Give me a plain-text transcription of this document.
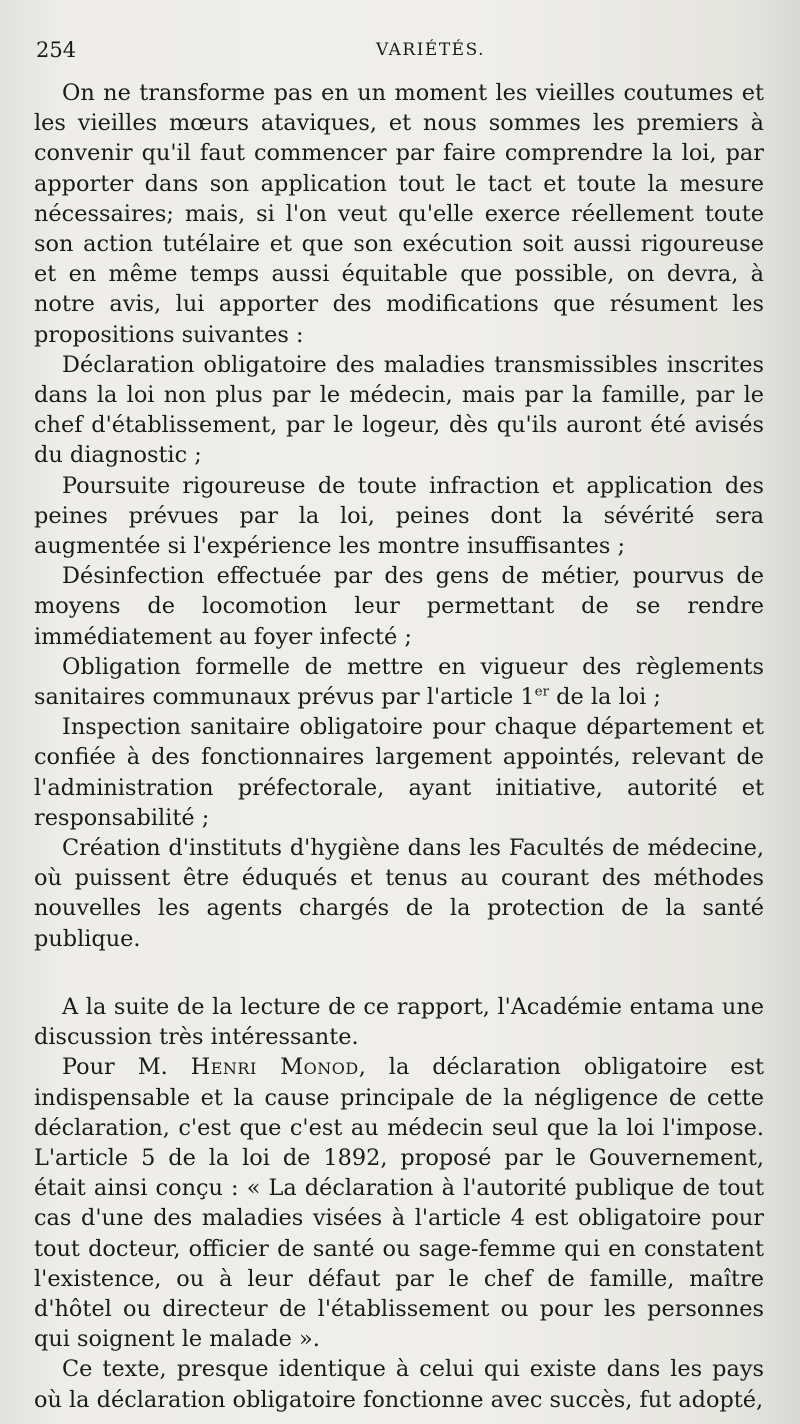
254	VARIÉTÉS.

On ne transforme pas en un moment les vieilles coutumes et les vieilles mœurs ataviques, et nous sommes les premiers à convenir qu'il faut commencer par faire comprendre la loi, par apporter dans son application tout le tact et toute la mesure nécessaires; mais, si l'on veut qu'elle exerce réellement toute son action tutélaire et que son exécution soit aussi rigoureuse et en même temps aussi équitable que possible, on devra, à notre avis, lui apporter des modifications que résument les propositions suivantes :

Déclaration obligatoire des maladies transmissibles inscrites dans la loi non plus par le médecin, mais par la famille, par le chef d'établissement, par le logeur, dès qu'ils auront été avisés du diagnostic ;

Poursuite rigoureuse de toute infraction et application des peines prévues par la loi, peines dont la sévérité sera augmentée si l'expérience les montre insuffisantes ;

Désinfection effectuée par des gens de métier, pourvus de moyens de locomotion leur permettant de se rendre immédiatement au foyer infecté ;

Obligation formelle de mettre en vigueur des règlements sanitaires communaux prévus par l'article 1er de la loi ;

Inspection sanitaire obligatoire pour chaque département et confiée à des fonctionnaires largement appointés, relevant de l'administration préfectorale, ayant initiative, autorité et responsabilité ;

Création d'instituts d'hygiène dans les Facultés de médecine, où puissent être éduqués et tenus au courant des méthodes nouvelles les agents chargés de la protection de la santé publique.

A la suite de la lecture de ce rapport, l'Académie entama une discussion très intéressante.

Pour M. Henri Monod, la déclaration obligatoire est indispensable et la cause principale de la négligence de cette déclaration, c'est que c'est au médecin seul que la loi l'impose. L'article 5 de la loi de 1892, proposé par le Gouvernement, était ainsi conçu : « La déclaration à l'autorité publique de tout cas d'une des maladies visées à l'article 4 est obligatoire pour tout docteur, officier de santé ou sage-femme qui en constatent l'existence, ou à leur défaut par le chef de famille, maître d'hôtel ou directeur de l'établissement ou pour les personnes qui soignent le malade ».

Ce texte, presque identique à celui qui existe dans les pays où la déclaration obligatoire fonctionne avec succès, fut adopté,
